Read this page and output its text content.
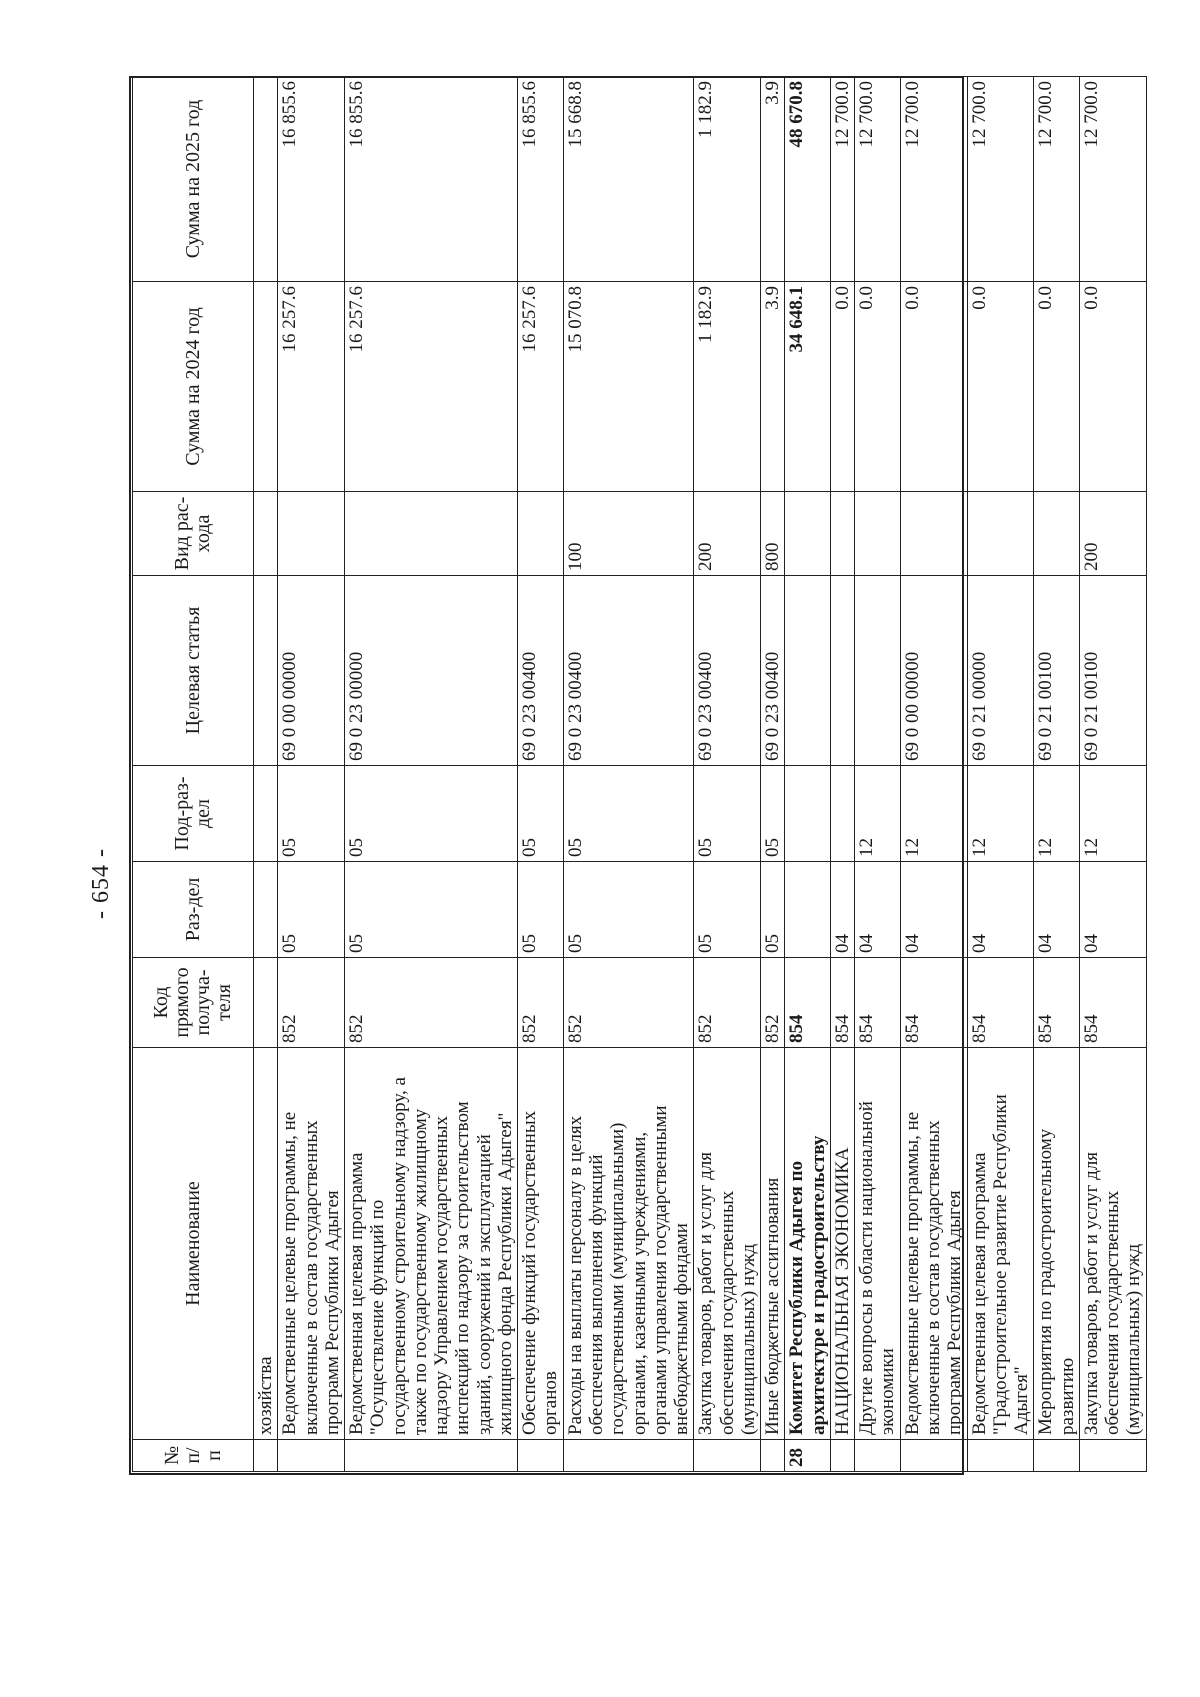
- 654 -
№ п/п	Наименование	Код прямого получа-теля	Раз-дел	Под-раз-дел	Целевая статья	Вид рас-хода	Сумма на 2024 год	Сумма на 2025 год
	хозяйства							
	Ведомственные целевые программы, не включенные в состав государственных программ Республики Адыгея	852	05	05	69 0 00 00000		16 257.6	16 855.6
	Ведомственная целевая программа "Осуществление функций по государственному строительному надзору, а также по государственному жилищному надзору Управлением государственных инспекций по надзору за строительством зданий, сооружений и эксплуатацией жилищного фонда Республики Адыгея"	852	05	05	69 0 23 00000		16 257.6	16 855.6
	Обеспечение функций государственных органов	852	05	05	69 0 23 00400		16 257.6	16 855.6
	Расходы на выплаты персоналу в целях обеспечения выполнения функций государственными (муниципальными) органами, казенными учреждениями, органами управления государственными внебюджетными фондами	852	05	05	69 0 23 00400	100	15 070.8	15 668.8
	Закупка товаров, работ и услуг для обеспечения государственных (муниципальных) нужд	852	05	05	69 0 23 00400	200	1 182.9	1 182.9
	Иные бюджетные ассигнования	852	05	05	69 0 23 00400	800	3.9	3.9
28	Комитет Республики Адыгея по архитектуре и градостроительству	854					34 648.1	48 670.8
	НАЦИОНАЛЬНАЯ ЭКОНОМИКА	854	04				0.0	12 700.0
	Другие вопросы в области национальной экономики	854	04	12			0.0	12 700.0
	Ведомственные целевые программы, не включенные в состав государственных программ Республики Адыгея	854	04	12	69 0 00 00000		0.0	12 700.0
	Ведомственная целевая программа "Градостроительное развитие Республики Адыгея"	854	04	12	69 0 21 00000		0.0	12 700.0
	Мероприятия по градостроительному развитию	854	04	12	69 0 21 00100		0.0	12 700.0
	Закупка товаров, работ и услуг для обеспечения государственных (муниципальных) нужд	854	04	12	69 0 21 00100	200	0.0	12 700.0
